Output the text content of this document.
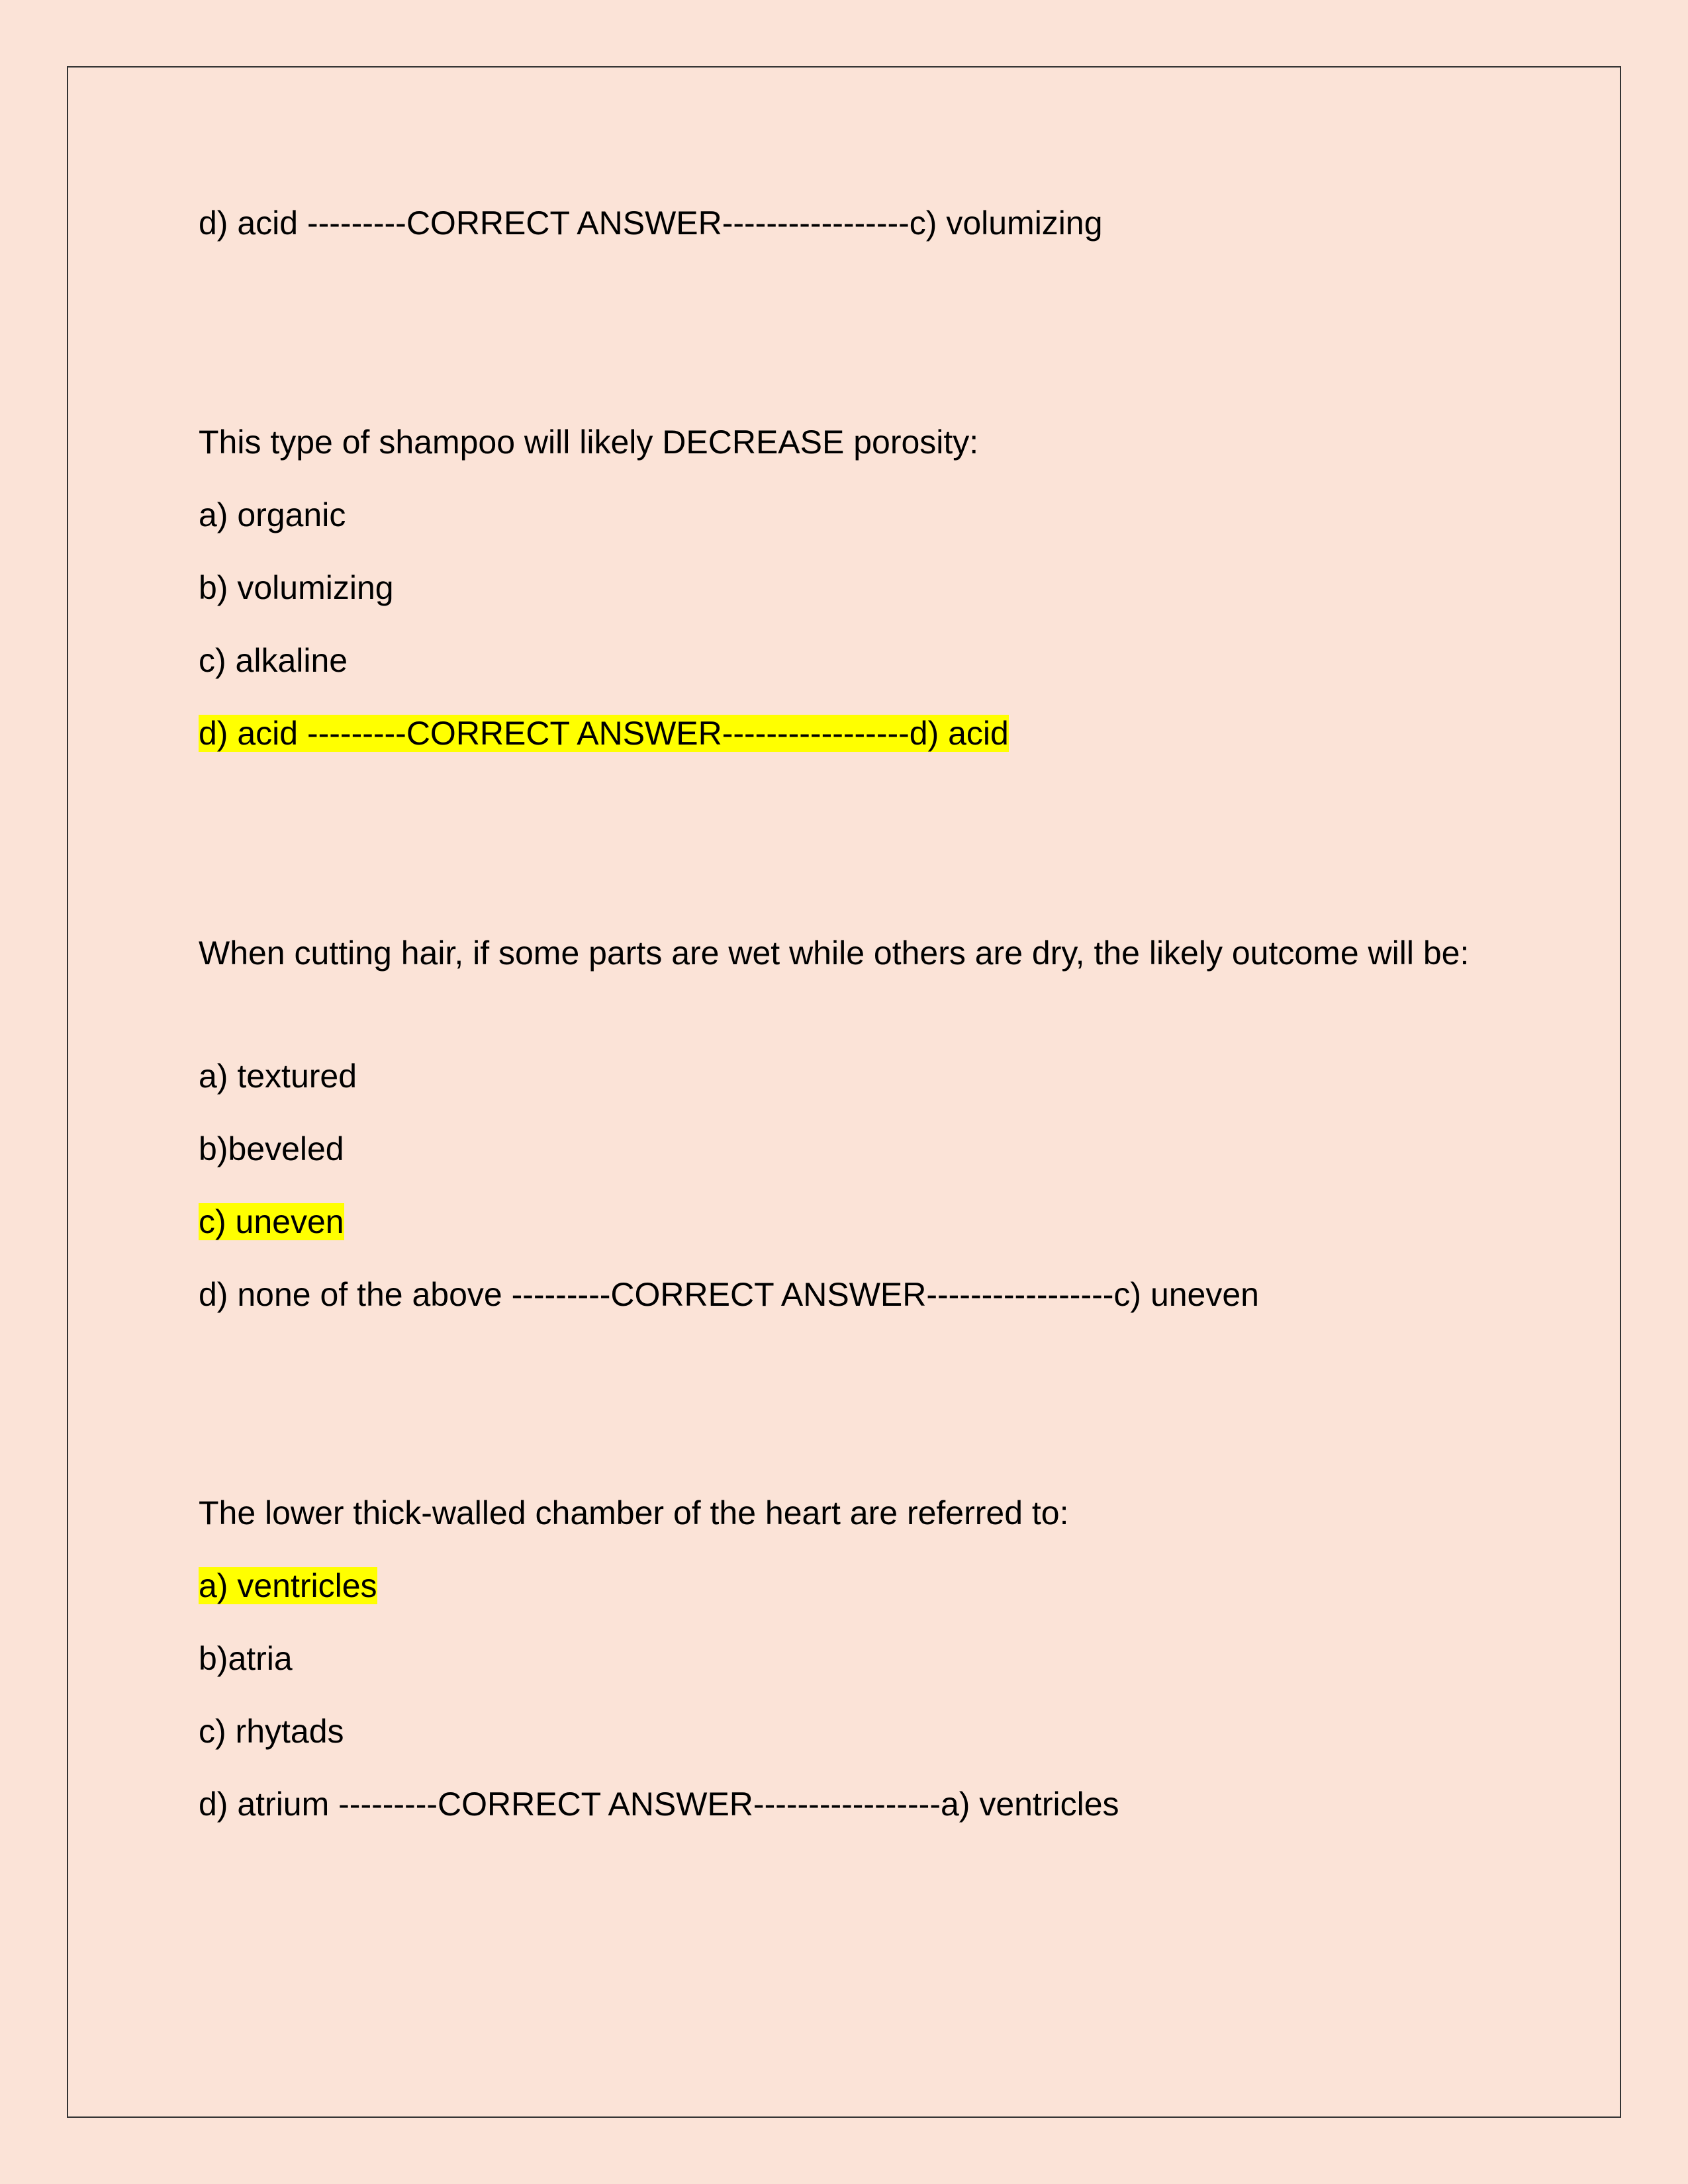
d) acid ---------CORRECT ANSWER-----------------c) volumizing
This type of shampoo will likely DECREASE porosity:
a) organic
b) volumizing
c) alkaline
d) acid ---------CORRECT ANSWER-----------------d) acid
When cutting hair, if some parts are wet while others are dry, the likely outcome will be:
a) textured
b)beveled
c) uneven
d) none of the above ---------CORRECT ANSWER-----------------c) uneven
The lower thick-walled chamber of the heart are referred to:
a) ventricles
b)atria
c) rhytads
d) atrium ---------CORRECT ANSWER-----------------a) ventricles
